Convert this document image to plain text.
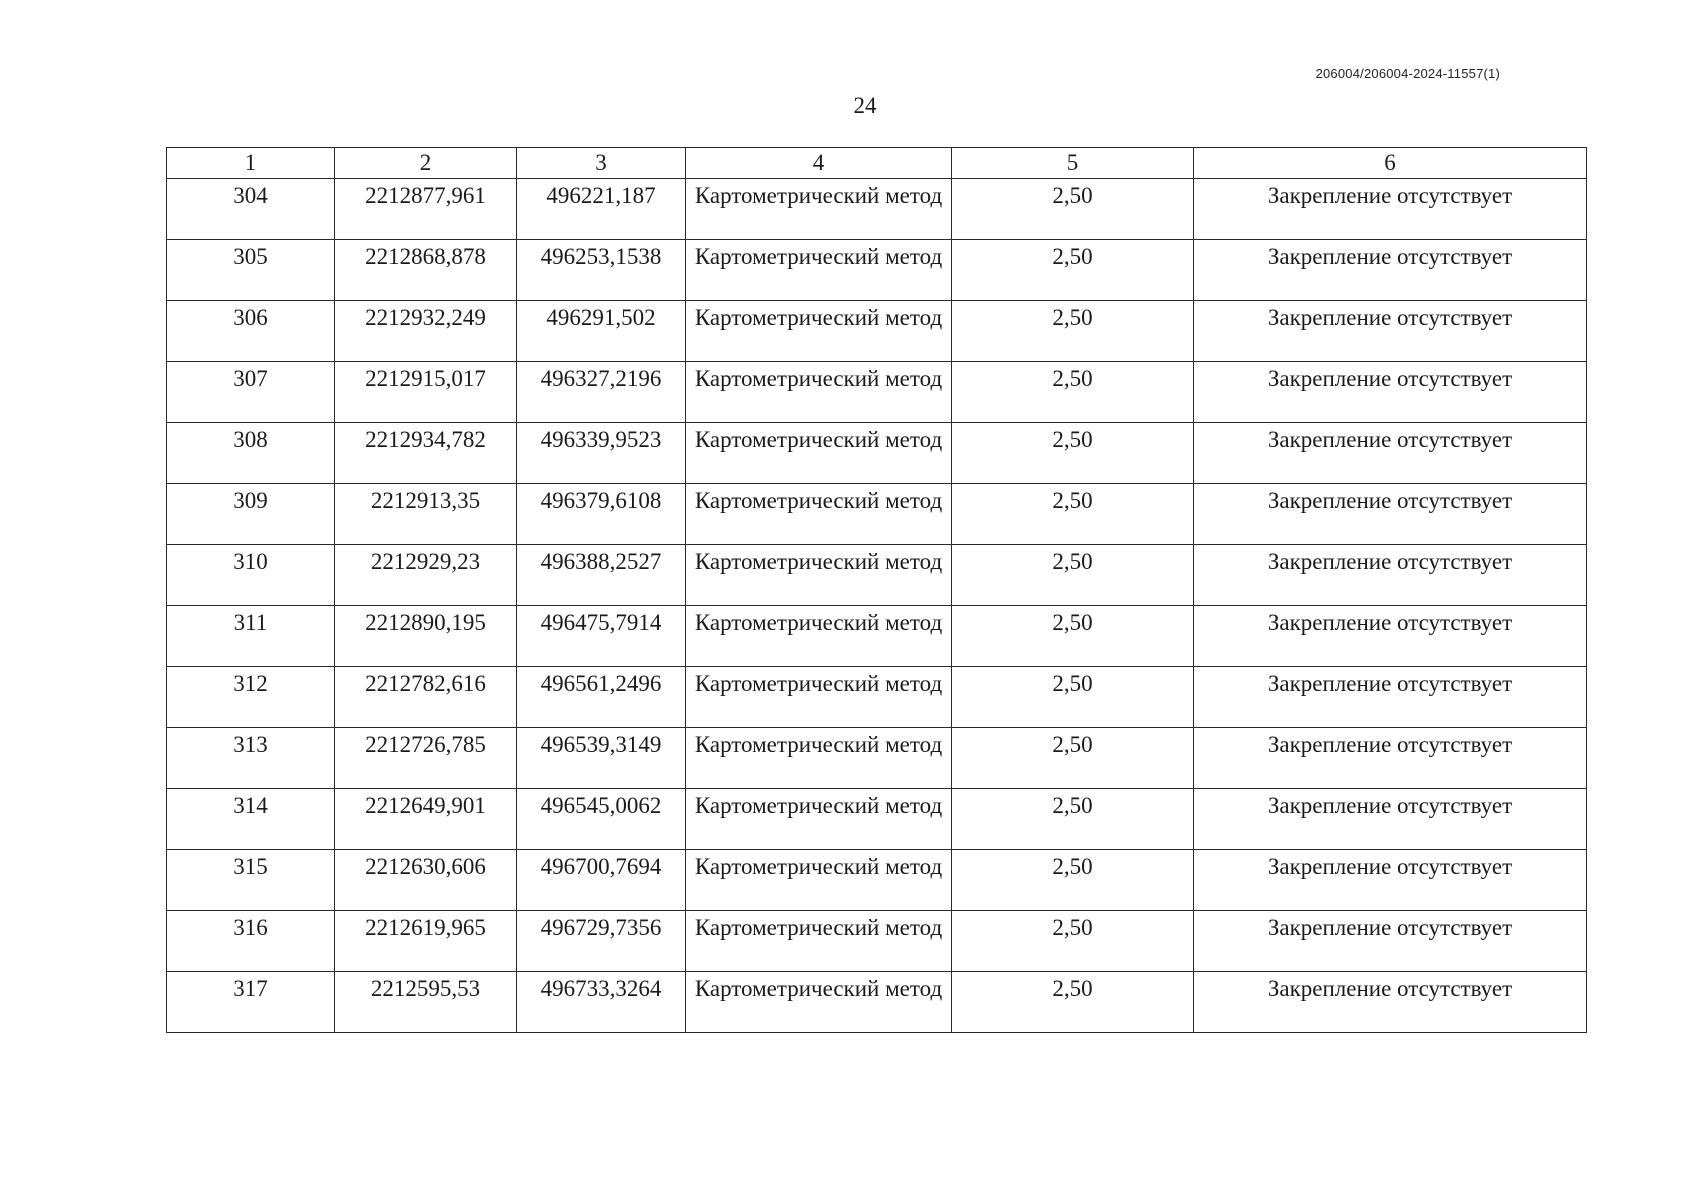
206004/206004-2024-11557(1)
24
1	2	3	4	5	6

304	2212877,961	496221,187	Картометрический метод	2,50	Закрепление отсутствует

305	2212868,878	496253,1538	Картометрический метод	2,50	Закрепление отсутствует

306	2212932,249	496291,502	Картометрический метод	2,50	Закрепление отсутствует

307	2212915,017	496327,2196	Картометрический метод	2,50	Закрепление отсутствует

308	2212934,782	496339,9523	Картометрический метод	2,50	Закрепление отсутствует

309	2212913,35	496379,6108	Картометрический метод	2,50	Закрепление отсутствует

310	2212929,23	496388,2527	Картометрический метод	2,50	Закрепление отсутствует

311	2212890,195	496475,7914	Картометрический метод	2,50	Закрепление отсутствует

312	2212782,616	496561,2496	Картометрический метод	2,50	Закрепление отсутствует

313	2212726,785	496539,3149	Картометрический метод	2,50	Закрепление отсутствует

314	2212649,901	496545,0062	Картометрический метод	2,50	Закрепление отсутствует

315	2212630,606	496700,7694	Картометрический метод	2,50	Закрепление отсутствует

316	2212619,965	496729,7356	Картометрический метод	2,50	Закрепление отсутствует

317	2212595,53	496733,3264	Картометрический метод	2,50	Закрепление отсутствует
